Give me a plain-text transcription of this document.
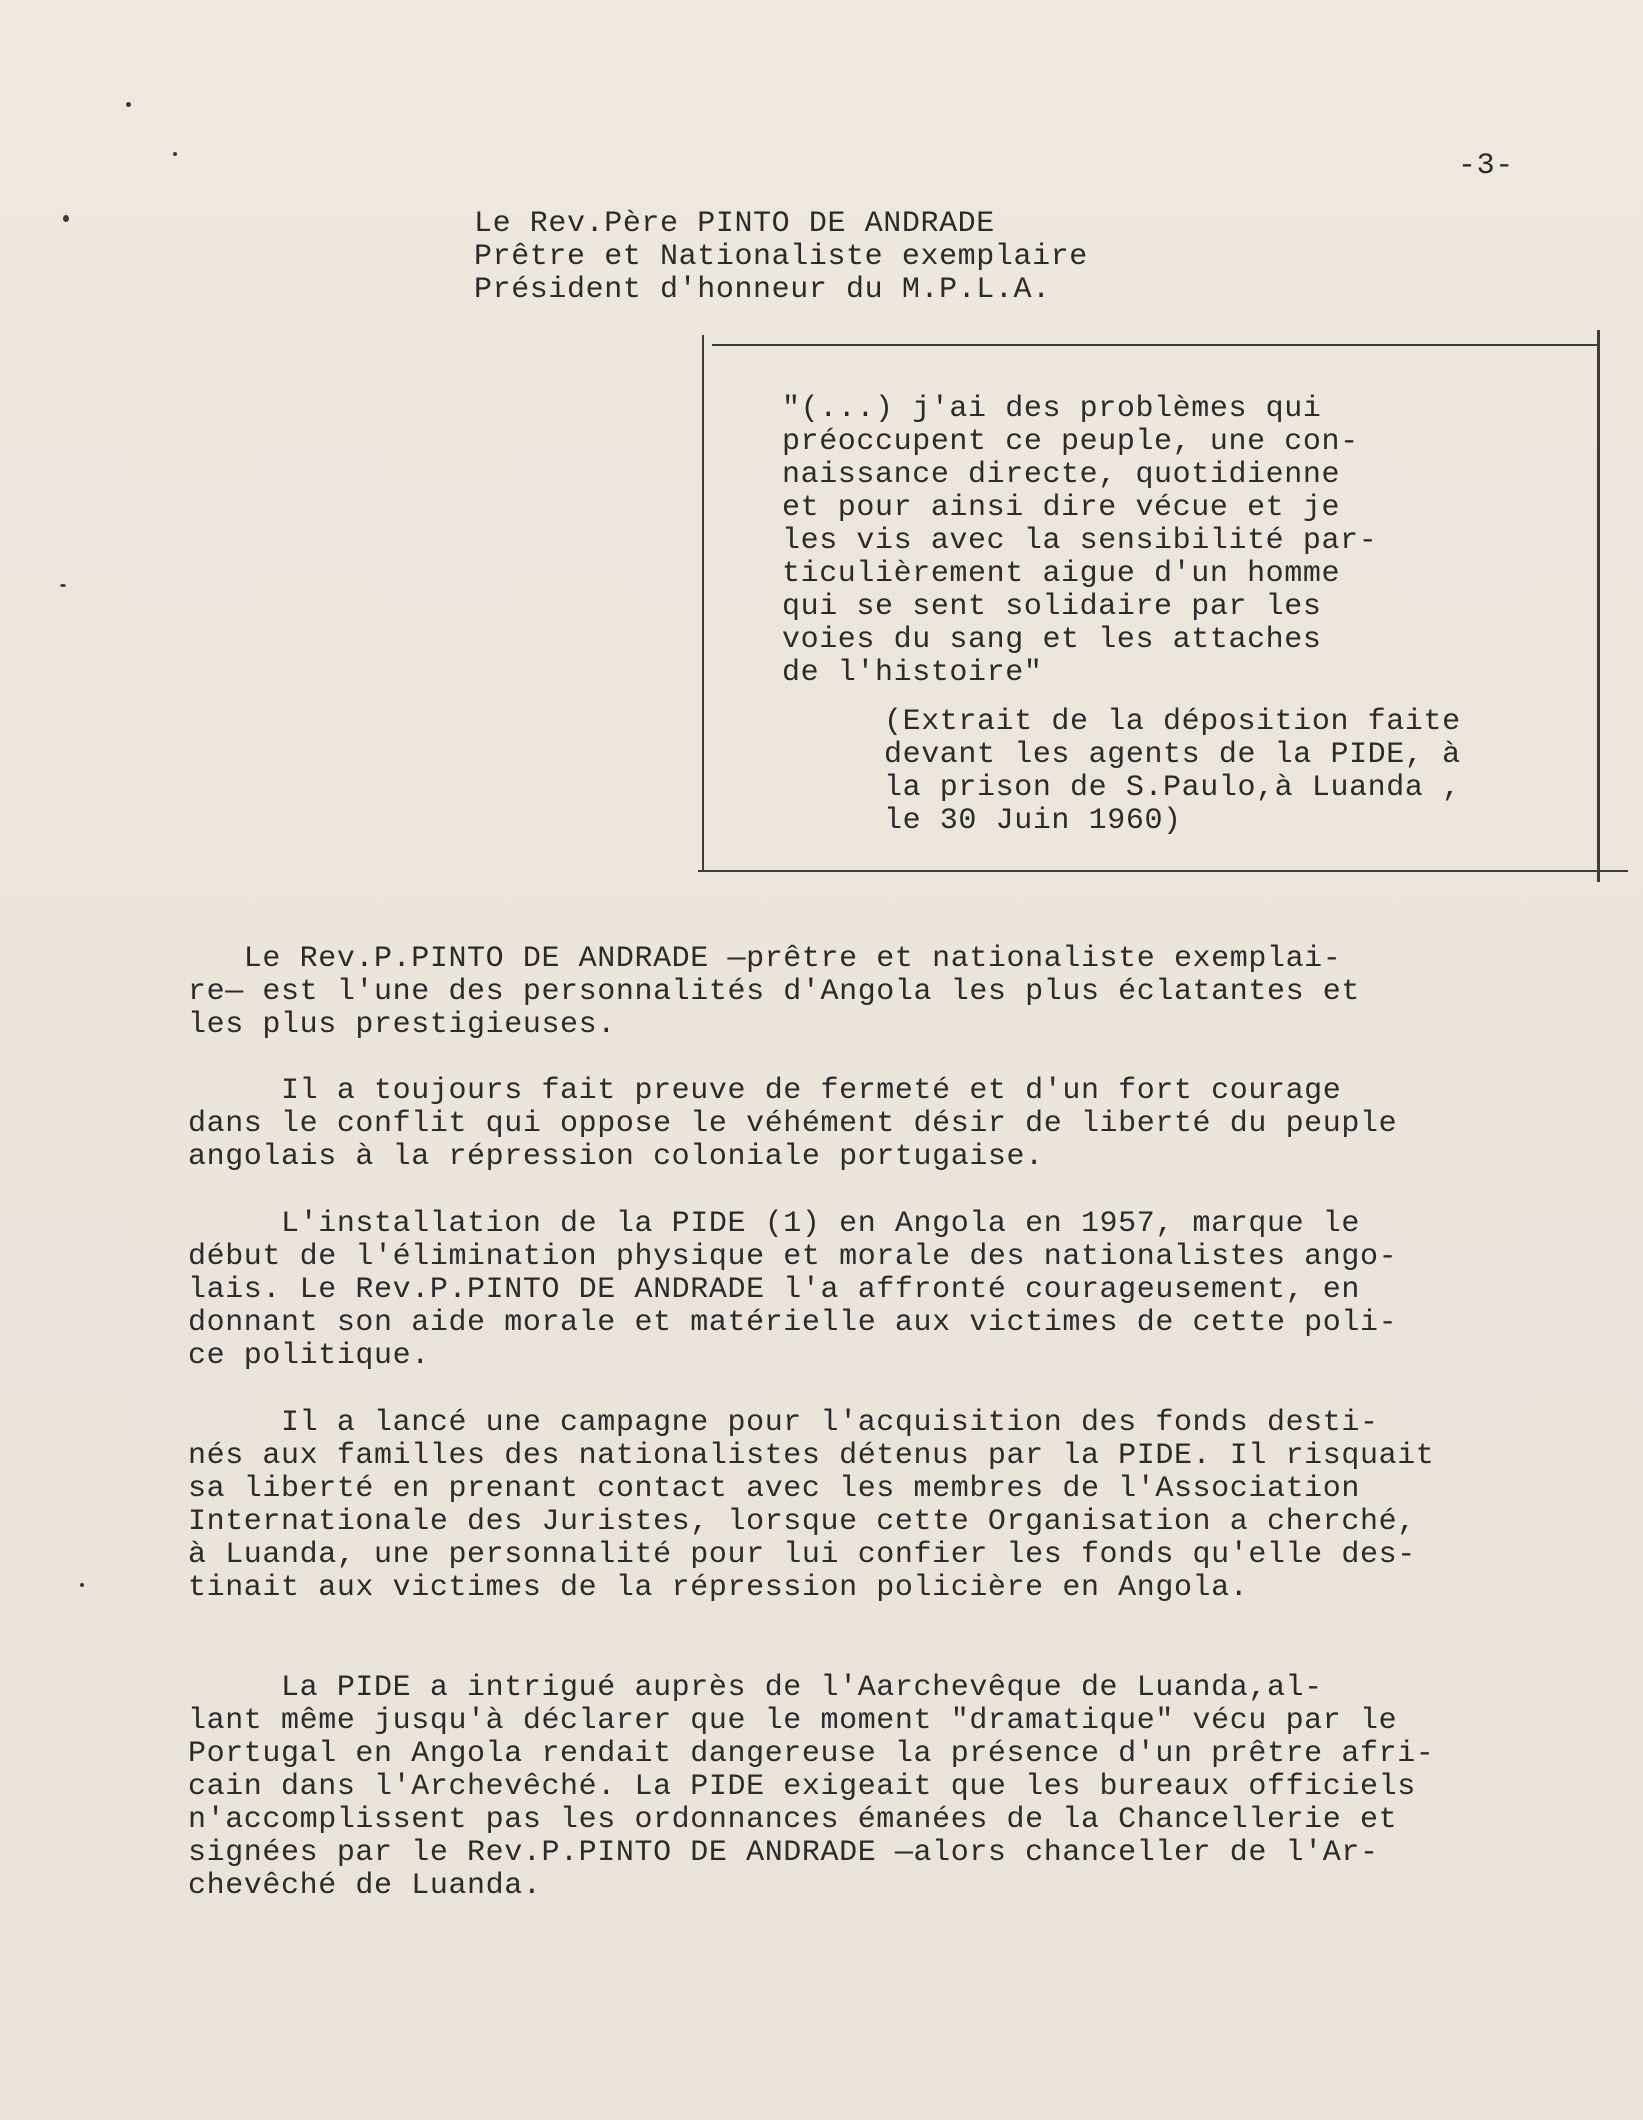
-3-
Le Rev.Père PINTO DE ANDRADE
Prêtre et Nationaliste exemplaire
Président d'honneur du M.P.L.A.
"(...) j'ai des problèmes qui
préoccupent ce peuple, une con-
naissance directe, quotidienne
et pour ainsi dire vécue et je
les vis avec la sensibilité par-
ticulièrement aigue d'un homme
qui se sent solidaire par les
voies du sang et les attaches
de l'histoire"
(Extrait de la déposition faite
devant les agents de la PIDE, à
la prison de S.Paulo,à Luanda ,
le 30 Juin 1960)
Le Rev.P.PINTO DE ANDRADE —prêtre et nationaliste exemplai-
re— est l'une des personnalités d'Angola les plus éclatantes et
les plus prestigieuses.
Il a toujours fait preuve de fermeté et d'un fort courage
dans le conflit qui oppose le véhément désir de liberté du peuple
angolais à la répression coloniale portugaise.
L'installation de la PIDE (1) en Angola en 1957, marque le
début de l'élimination physique et morale des nationalistes ango-
lais. Le Rev.P.PINTO DE ANDRADE l'a affronté courageusement, en
donnant son aide morale et matérielle aux victimes de cette poli-
ce politique.
Il a lancé une campagne pour l'acquisition des fonds desti-
nés aux familles des nationalistes détenus par la PIDE. Il risquait
sa liberté en prenant contact avec les membres de l'Association
Internationale des Juristes, lorsque cette Organisation a cherché,
à Luanda, une personnalité pour lui confier les fonds qu'elle des-
tinait aux victimes de la répression policière en Angola.
La PIDE a intrigué auprès de l'Aarchevêque de Luanda,al-
lant même jusqu'à déclarer que le moment "dramatique" vécu par le
Portugal en Angola rendait dangereuse la présence d'un prêtre afri-
cain dans l'Archevêché. La PIDE exigeait que les bureaux officiels
n'accomplissent pas les ordonnances émanées de la Chancellerie et
signées par le Rev.P.PINTO DE ANDRADE —alors chanceller de l'Ar-
chevêché de Luanda.
